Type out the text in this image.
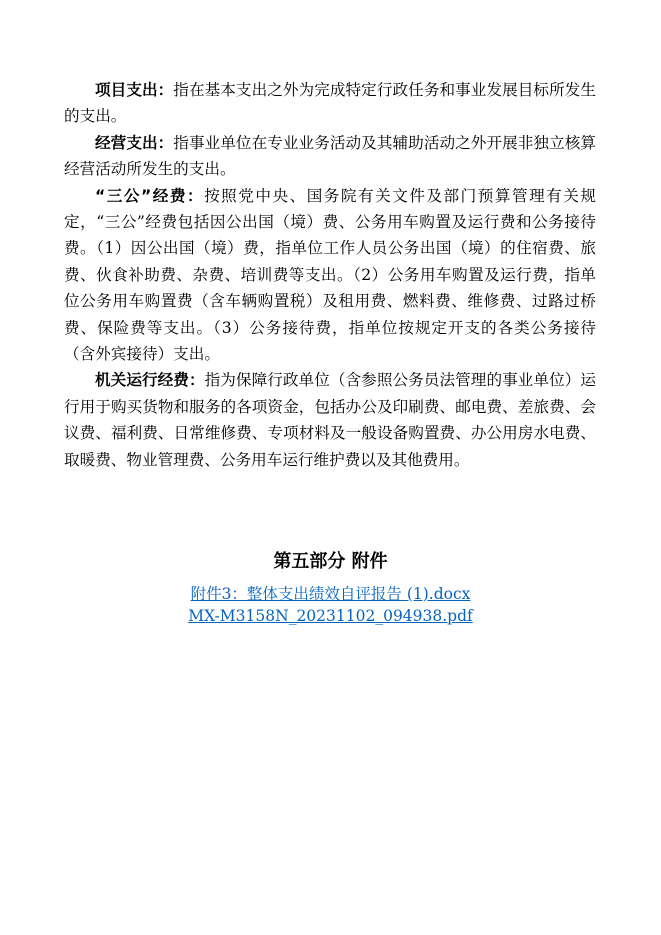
项目支出：指在基本支出之外为完成特定行政任务和事业发展目标所发生的支出。

经营支出：指事业单位在专业业务活动及其辅助活动之外开展非独立核算经营活动所发生的支出。

“三公”经费：按照党中央、国务院有关文件及部门预算管理有关规定，“三公”经费包括因公出国（境）费、公务用车购置及运行费和公务接待费。（1）因公出国（境）费，指单位工作人员公务出国（境）的住宿费、旅费、伙食补助费、杂费、培训费等支出。（2）公务用车购置及运行费，指单位公务用车购置费（含车辆购置税）及租用费、燃料费、维修费、过路过桥费、保险费等支出。（3）公务接待费，指单位按规定开支的各类公务接待（含外宾接待）支出。

机关运行经费：指为保障行政单位（含参照公务员法管理的事业单位）运行用于购买货物和服务的各项资金，包括办公及印刷费、邮电费、差旅费、会议费、福利费、日常维修费、专项材料及一般设备购置费、办公用房水电费、取暖费、物业管理费、公务用车运行维护费以及其他费用。

第五部分 附件
附件3：整体支出绩效自评报告 (1).docx
MX-M3158N_20231102_094938.pdf
